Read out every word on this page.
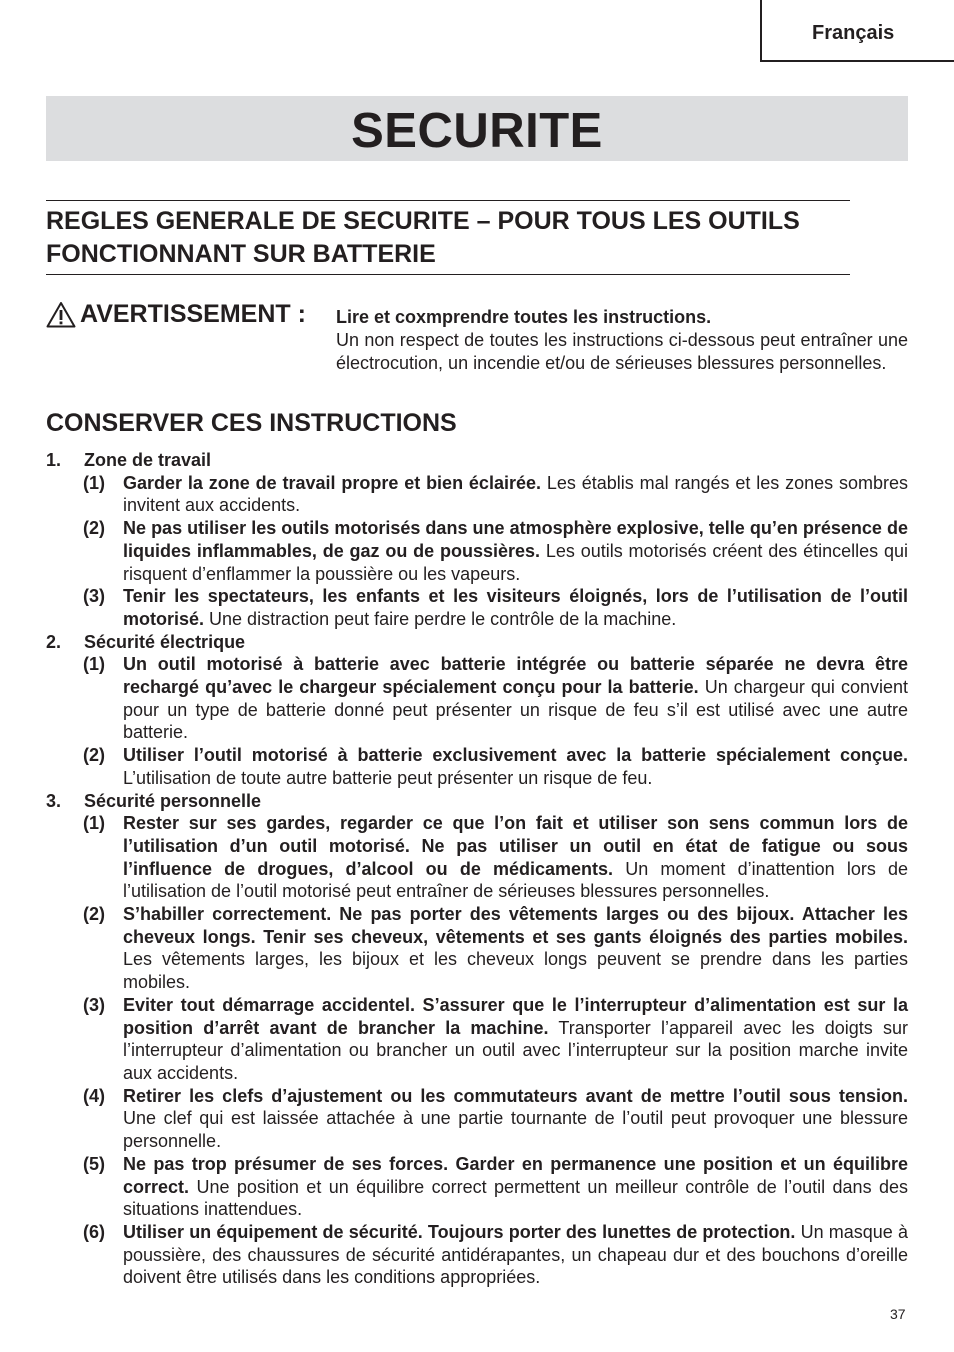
Français
SECURITE
REGLES GENERALE DE SECURITE – POUR TOUS LES OUTILS FONCTIONNANT SUR BATTERIE
AVERTISSEMENT : Lire et coxmprendre toutes les instructions.
Un non respect de toutes les instructions ci-dessous peut entraîner une électrocution, un incendie et/ou de sérieuses blessures personnelles.
CONSERVER CES INSTRUCTIONS
1. Zone de travail
(1) Garder la zone de travail propre et bien éclairée. Les établis mal rangés et les zones sombres invitent aux accidents.
(2) Ne pas utiliser les outils motorisés dans une atmosphère explosive, telle qu’en présence de liquides inflammables, de gaz ou de poussières. Les outils motorisés créent des étincelles qui risquent d’enflammer la poussière ou les vapeurs.
(3) Tenir les spectateurs, les enfants et les visiteurs éloignés, lors de l’utilisation de l’outil motorisé. Une distraction peut faire perdre le contrôle de la machine.
2. Sécurité électrique
(1) Un outil motorisé à batterie avec batterie intégrée ou batterie séparée ne devra être rechargé qu’avec le chargeur spécialement conçu pour la batterie. Un chargeur qui convient pour un type de batterie donné peut présenter un risque de feu s’il est utilisé avec une autre batterie.
(2) Utiliser l’outil motorisé à batterie exclusivement avec la batterie spécialement conçue. L’utilisation de toute autre batterie peut présenter un risque de feu.
3. Sécurité personnelle
(1) Rester sur ses gardes, regarder ce que l’on fait et utiliser son sens commun lors de l’utilisation d’un outil motorisé. Ne pas utiliser un outil en état de fatigue ou sous l’influence de drogues, d’alcool ou de médicaments. Un moment d’inattention lors de l’utilisation de l’outil motorisé peut entraîner de sérieuses blessures personnelles.
(2) S’habiller correctement. Ne pas porter des vêtements larges ou des bijoux. Attacher les cheveux longs. Tenir ses cheveux, vêtements et ses gants éloignés des parties mobiles. Les vêtements larges, les bijoux et les cheveux longs peuvent se prendre dans les parties mobiles.
(3) Eviter tout démarrage accidentel. S’assurer que le l’interrupteur d’alimentation est sur la position d’arrêt avant de brancher la machine. Transporter l’appareil avec les doigts sur l’interrupteur d’alimentation ou brancher un outil avec l’interrupteur sur la position marche invite aux accidents.
(4) Retirer les clefs d’ajustement ou les commutateurs avant de mettre l’outil sous tension. Une clef qui est laissée attachée à une partie tournante de l’outil peut provoquer une blessure personnelle.
(5) Ne pas trop présumer de ses forces. Garder en permanence une position et un équilibre correct. Une position et un équilibre correct permettent un meilleur contrôle de l’outil dans des situations inattendues.
(6) Utiliser un équipement de sécurité. Toujours porter des lunettes de protection. Un masque à poussière, des chaussures de sécurité antidérapantes, un chapeau dur et des bouchons d’oreille doivent être utilisés dans les conditions appropriées.
37
